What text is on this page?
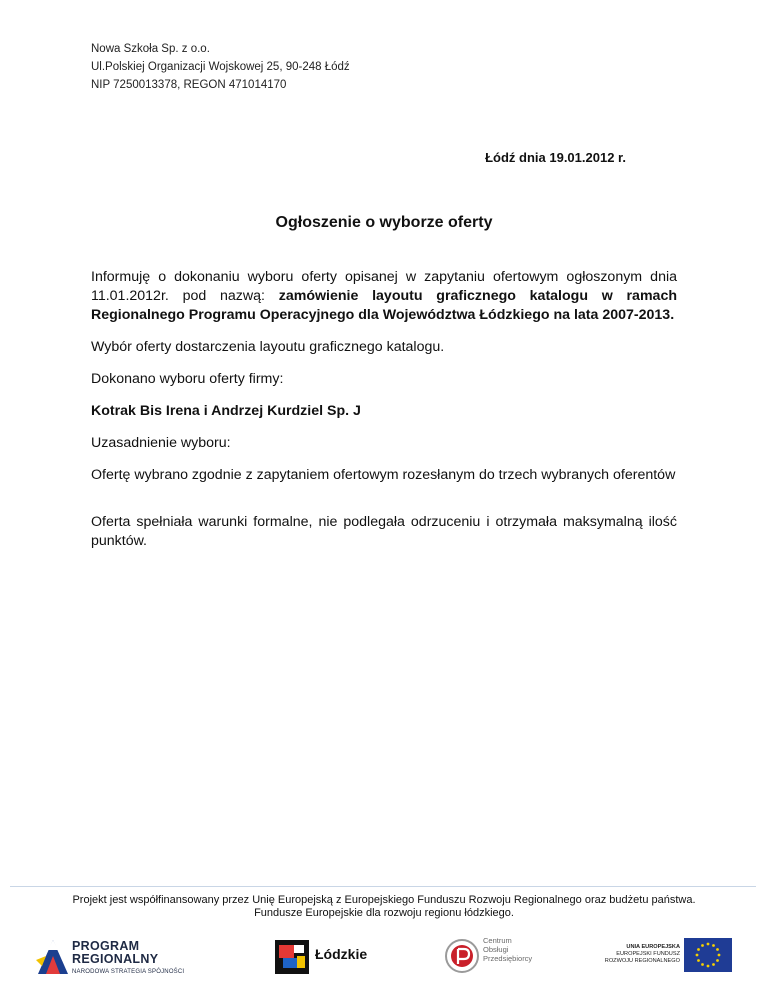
Nowa Szkoła Sp. z o.o.
Ul.Polskiej Organizacji Wojskowej 25, 90-248 Łódź
NIP 7250013378, REGON 471014170
Łódź dnia 19.01.2012 r.
Ogłoszenie o wyborze oferty

Informuję o dokonaniu wyboru oferty opisanej w zapytaniu ofertowym ogłoszonym dnia 11.01.2012r. pod nazwą: zamówienie layoutu graficznego katalogu w ramach Regionalnego Programu Operacyjnego dla Województwa Łódzkiego na lata 2007-2013.

Wybór oferty dostarczenia layoutu graficznego katalogu.

Dokonano wyboru oferty firmy:

Kotrak Bis Irena i Andrzej Kurdziel Sp. J

Uzasadnienie wyboru:

Ofertę wybrano zgodnie z zapytaniem ofertowym rozesłanym do trzech wybranych oferentów

Oferta spełniała warunki formalne, nie podlegała odrzuceniu i otrzymała maksymalną ilość punktów.

Projekt jest współfinansowany przez Unię Europejską z Europejskiego Funduszu Rozwoju Regionalnego oraz budżetu państwa.
Fundusze Europejskie dla rozwoju regionu łódzkiego.
PROGRAM
REGIONALNY
NARODOWA STRATEGIA SPÓJNOŚCI
Łódzkie
Centrum
Obsługi
Przedsiębiorcy
UNIA EUROPEJSKA
EUROPEJSKI FUNDUSZ
ROZWOJU REGIONALNEGO
